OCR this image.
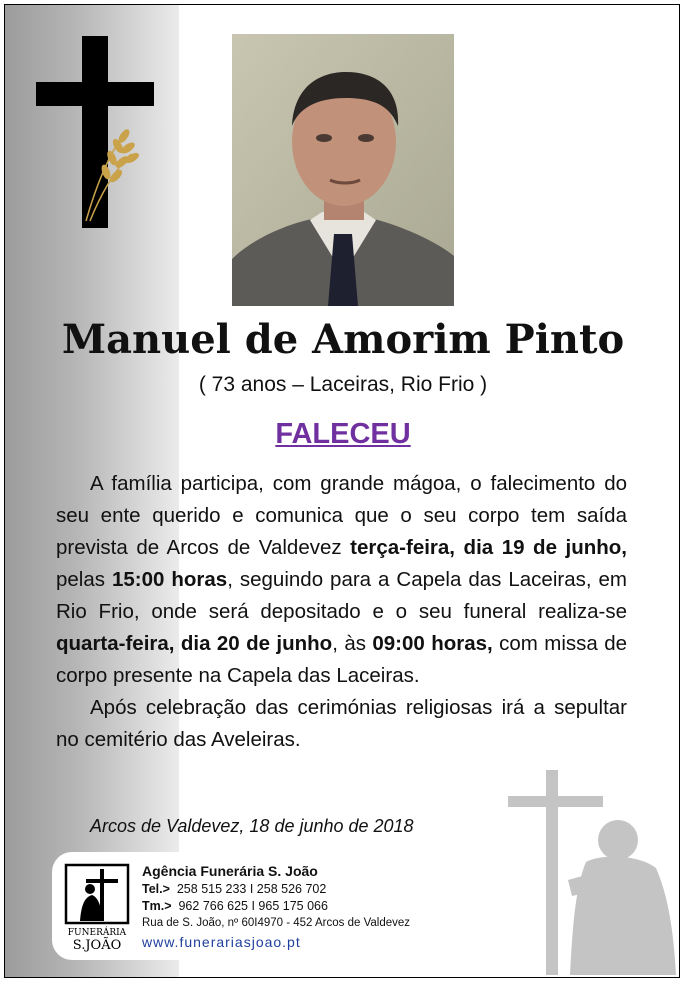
Manuel de Amorim Pinto
( 73 anos – Laceiras, Rio Frio )
FALECEU

A família participa, com grande mágoa, o falecimento do seu ente querido e comunica que o seu corpo tem saída prevista de Arcos de Valdevez terça-feira, dia 19 de junho, pelas 15:00 horas, seguindo para a Capela das Laceiras, em Rio Frio, onde será depositado e o seu funeral realiza-se quarta-feira, dia 20 de junho, às 09:00 horas, com missa de corpo presente na Capela das Laceiras.

Após celebração das cerimónias religiosas irá a sepultar no cemitério das Aveleiras.

Arcos de Valdevez, 18 de junho de 2018
FUNERÁRIA
S.JOÃO
Agência Funerária S. João
Tel.> 258 515 233 I 258 526 702
Tm.> 962 766 625 I 965 175 066
Rua de S. João, nº 60I4970 - 452 Arcos de Valdevez
www.funerariasjoao.pt
